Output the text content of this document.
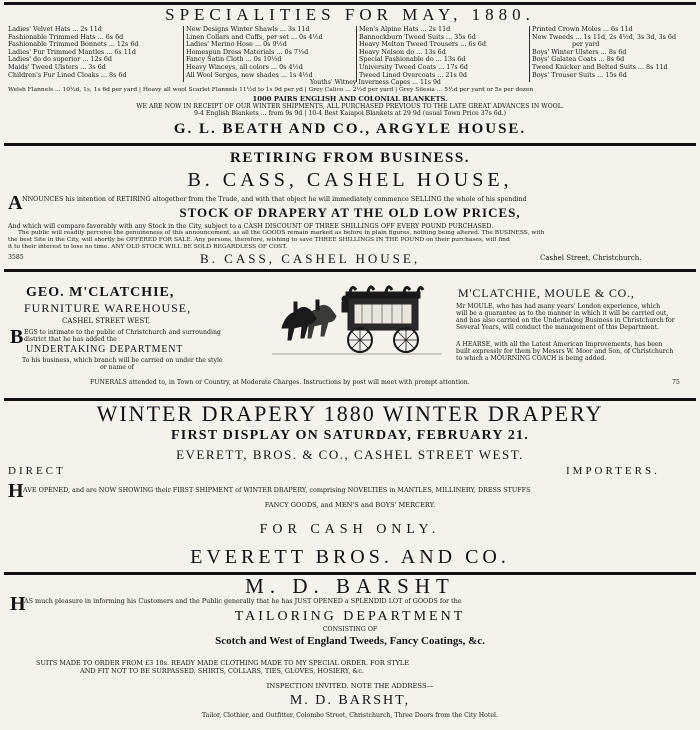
SPECIALITIES FOR MAY, 1880.
Ladies' Velvet Hats ... 2s 11d
Fashionable Trimmed Hats ... 6s 6d
Fashionable Trimmed Bonnets ... 12s 6d
Ladies' Fur Trimmed Mantles ... 6s 11d
Ladies' do do superior ... 12s 6d
Maids' Tweed Ulsters ... 3s 6d
Children's Fur Lined Cloaks ... 8s 6d
New Designs Winter Shawls ... 3s 11d
Linen Collars and Cuffs, per set ... 0s 4½d
Ladies' Merino Hose ... 0s 9½d
Homespun Dress Materials ... 0s 7½d
Fancy Satin Cloth ... 0s 10½d
Heavy Winceys, all colors ... 0s 4½d
All Wool Serges, new shades ... 1s 4½d
Men's Alpine Hats ... 2s 11d
Bannockburn Tweed Suits ... 35s 6d
Heavy Melton Tweed Trousers ... 6s 6d
Heavy Nelson do ... 13s 6d
Special Fashionable do ... 13s 6d
University Tweed Coats ... 17s 6d
Tweed Lined Overcoats ... 21s 0d
Printed Crown Moles ... 6s 11d
New Tweeds ... 1s 11d, 2s 4½d, 3s 3d, 3s 6d
per yard
Boys' Winter Ulsters ... 8s 6d
Boys' Galatea Coats ... 8s 6d
Tweed Knicker and Belted Suits ... 8s 11d
Boys' Trouser Suits ... 15s 6d
Youths' Witney Inverness Capes ... 11s 9d
Welsh Flannels ... 10½d, 1s, 1s 6d per yard | Heavy all wool Scarlet Flannels 11½d to 1s 9d per yd | Grey Calico ... 2½d per yard | Grey Silesia ... 5½d per yard or 5s per dozen
1000 PAIRS ENGLISH AND COLONIAL BLANKETS.
WE ARE NOW IN RECEIPT OF OUR WINTER SHIPMENTS, ALL PURCHASED PREVIOUS TO THE LATE GREAT ADVANCES IN WOOL.
9-4 English Blankets ... from 9s 9d | 10-4 Best Kaiapoi Blankets at 29 9d (usual Town Price 37s 6d.)
G. L. BEATH AND CO., ARGYLE HOUSE.
RETIRING FROM BUSINESS.
B. CASS, CASHEL HOUSE,
A NNOUNCES his intention of RETIRING altogether from the Trade, and with that object he will immediately commence SELLING the whole of his spendind
STOCK OF DRAPERY AT THE OLD LOW PRICES,
And which will compare favorably with any Stock in the City, subject to a CASH DISCOUNT OF THREE SHILLINGS OFF EVERY POUND PURCHASED.
The public will readily perceive the genuineness of this announcement, as all the GOODS remain marked as before in plain figures, nothing being altered. The BUSINESS, with
the best Site in the City, will shortly be OFFERED FOR SALE. Any persons, therefore, wishing to save THREE SHILLINGS IN THE POUND on their purchases, will find
it to their interest to lose no time. ANY OLD STOCK WILL BE SOLD REGARDLESS OF COST.
3585	B. CASS, CASHEL HOUSE,	Cashel Street, Christchurch.
GEO. M'CLATCHIE,
FURNITURE WAREHOUSE,
CASHEL STREET WEST,
B EGS to intimate to the public of Christchurch and surrounding
district that he has added the
UNDERTAKING DEPARTMENT
To his business, which branch will be carried on under the style
or name of
M'CLATCHIE, MOULE & CO.,
Mr MOULE, who has had many years' London experience, which
will be a guarantee as to the manner in which it will be carried out,
and has also carried on the Undertaking Business in Christchurch for
Several Years, will conduct the management of this Department.
A HEARSE, with all the Latest American Improvements, has been
built expressly for them by Messrs W. Moor and Son, of Christchurch
to which a MOURNING COACH is being added.
FUNERALS attended to, in Town or Country, at Moderate Charges. Instructions by post will meet with prompt attention.	75
WINTER DRAPERY 1880 WINTER DRAPERY
FIRST DISPLAY ON SATURDAY, FEBRUARY 21.
EVERETT, BROS. & CO., CASHEL STREET WEST.
DIRECT	IMPORTERS.
H AVE OPENED, and are NOW SHOWING their FIRST SHIPMENT of WINTER DRAPERY, comprising NOVELTIES in MANTLES, MILLINERY, DRESS STUFFS
FANCY GOODS, and MEN'S and BOYS' MERCERY.
FOR CASH ONLY.
EVERETT BROS. AND CO.
M. D. BARSHT
H
AS much pleasure in informing his Customers and the Public generally that he has JUST OPENED a SPLENDID LOT of GOODS for the
TAILORING DEPARTMENT
CONSISTING OF
Scotch and West of England Tweeds, Fancy Coatings, &c.
SUITS MADE TO ORDER FROM £3 10s. READY MADE CLOTHING MADE TO MY SPECIAL ORDER. FOR STYLE
AND FIT NOT TO BE SURPASSED. SHIRTS, COLLARS, TIES, GLOVES, HOSIERY, &c.
INSPECTION INVITED. NOTE THE ADDRESS—
M. D. BARSHT,
Tailor, Clothier, and Outfitter, Colombo Street, Christchurch, Three Doors from the City Hotel.
